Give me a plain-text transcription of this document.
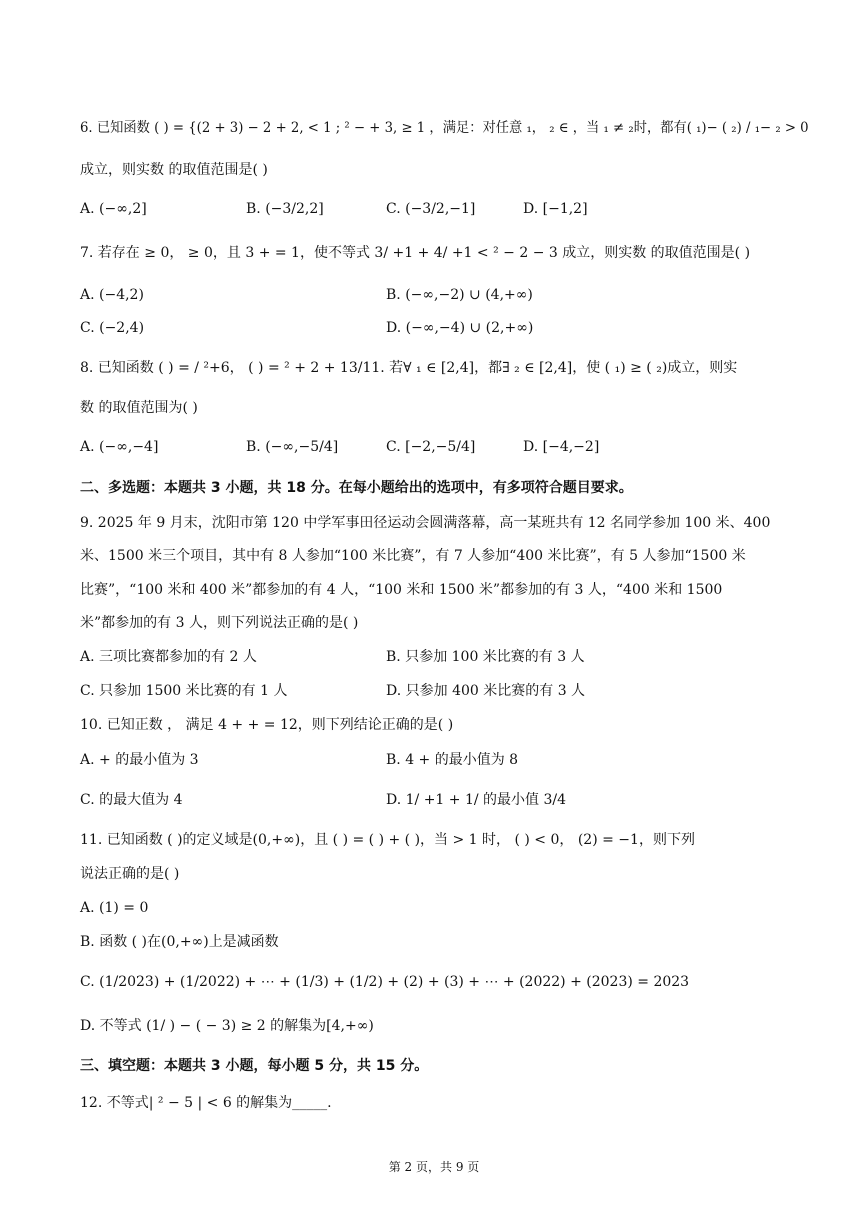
6. 已知函数 ( ) = {(2 + 3) − 2 + 2, < 1 ; ² − + 3, ≥ 1 ，满足：对任意 ₁， ₂ ∈ ，当 ₁ ≠ ₂时，都有( ₁)− ( ₂) / ₁− ₂ > 0
成立，则实数 的取值范围是( )
A. (−∞,2]	B. (−3/2,2]	C. (−3/2,−1]	D. [−1,2]
7. 若存在 ≥ 0， ≥ 0，且 3 + = 1，使不等式 3/ +1 + 4/ +1 < ² − 2 − 3 成立，则实数 的取值范围是( )
A. (−4,2)	B. (−∞,−2) ∪ (4,+∞)
C. (−2,4)	D. (−∞,−4) ∪ (2,+∞)
8. 已知函数 ( ) = / ²+6， ( ) = ² + 2 + 13/11. 若∀ ₁ ∈ [2,4]，都∃ ₂ ∈ [2,4]，使 ( ₁) ≥ ( ₂)成立，则实
数 的取值范围为( )
A. (−∞,−4]	B. (−∞,−5/4]	C. [−2,−5/4]	D. [−4,−2]
二、多选题：本题共 3 小题，共 18 分。在每小题给出的选项中，有多项符合题目要求。
9. 2025 年 9 月末，沈阳市第 120 中学军事田径运动会圆满落幕，高一某班共有 12 名同学参加 100 米、400
米、1500 米三个项目，其中有 8 人参加“100 米比赛”，有 7 人参加“400 米比赛”，有 5 人参加“1500 米
比赛”，“100 米和 400 米”都参加的有 4 人，“100 米和 1500 米”都参加的有 3 人，“400 米和 1500
米”都参加的有 3 人，则下列说法正确的是( )
A. 三项比赛都参加的有 2 人	B. 只参加 100 米比赛的有 3 人
C. 只参加 1500 米比赛的有 1 人	D. 只参加 400 米比赛的有 3 人
10. 已知正数 ， 满足 4 + + = 12，则下列结论正确的是( )
A. + 的最小值为 3	B. 4 + 的最小值为 8
C. 的最大值为 4	D. 1/ +1 + 1/ 的最小值 3/4
11. 已知函数 ( )的定义域是(0,+∞)，且 ( ) = ( ) + ( )，当 > 1 时， ( ) < 0， (2) = −1，则下列
说法正确的是( )
A. (1) = 0
B. 函数 ( )在(0,+∞)上是减函数
C. (1/2023) + (1/2022) + ⋯ + (1/3) + (1/2) + (2) + (3) + ⋯ + (2022) + (2023) = 2023
D. 不等式 (1/ ) − ( − 3) ≥ 2 的解集为[4,+∞)
三、填空题：本题共 3 小题，每小题 5 分，共 15 分。
12. 不等式| ² − 5 | < 6 的解集为_____.
第 2 页，共 9 页
